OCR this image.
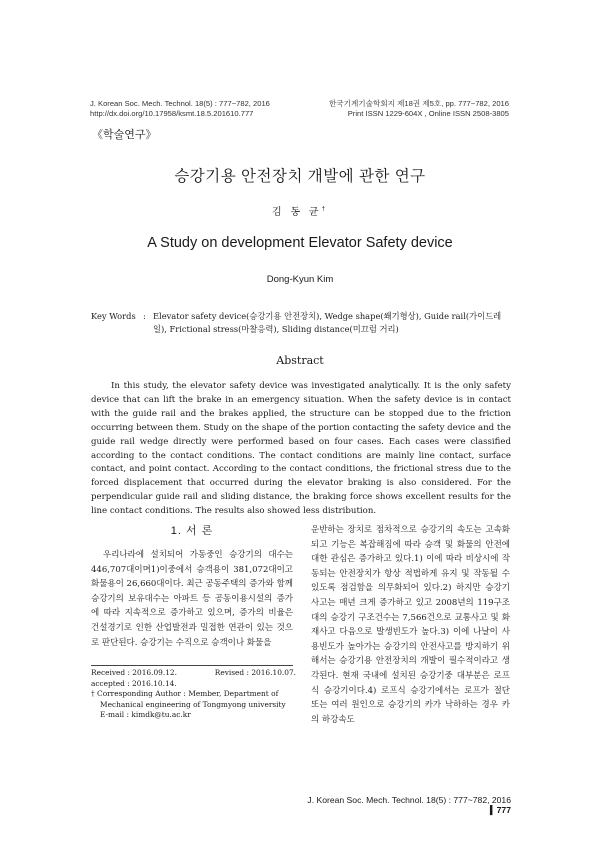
J. Korean Soc. Mech. Technol. 18(5) : 777~782, 2016
http://dx.doi.org/10.17958/ksmt.18.5.201610.777
한국기계기술학회지 제18권 제5호, pp. 777~782, 2016
Print ISSN 1229-604X , Online ISSN 2508-3805
《학술연구》
승강기용 안전장치 개발에 관한 연구
김 동 균†
A Study on development Elevator Safety device
Dong-Kyun Kim
Key Words : Elevator safety device(승강기용 안전장치), Wedge shape(쐐기형상), Guide rail(가이드레일), Frictional stress(마찰응력), Sliding distance(미끄럼 거리)
Abstract

In this study, the elevator safety device was investigated analytically. It is the only safety device that can lift the brake in an emergency situation. When the safety device is in contact with the guide rail and the brakes applied, the structure can be stopped due to the friction occurring between them. Study on the shape of the portion contacting the safety device and the guide rail wedge directly were performed based on four cases. Each cases were classified according to the contact conditions. The contact conditions are mainly line contact, surface contact, and point contact. According to the contact conditions, the frictional stress due to the forced displacement that occurred during the elevator braking is also considered. For the perpendicular guide rail and sliding distance, the braking force shows excellent results for the line contact conditions. The results also showed less distribution.

1. 서 론

우리나라에 설치되어 가동중인 승강기의 대수는 446,707대이며1)이중에서 승객용이 381,072대이고 화물용이 26,660대이다. 최근 공동주택의 증가와 함께 승강기의 보유대수는 아파트 등 공동이용시설의 증가에 따라 지속적으로 증가하고 있으며, 증가의 비율은 건설경기로 인한 산업발전과 밀접한 연관이 있는 것으로 판단된다. 승강기는 수직으로 승객이나 화물을

운반하는 장치로 점차적으로 승강기의 속도는 고속화되고 기능은 복잡해짐에 따라 승객 및 화물의 안전에 대한 관심은 증가하고 있다.1) 이에 따라 비상시에 작동되는 안전장치가 항상 적법하게 유지 및 작동될 수 있도록 점검함을 의무화되어 있다.2) 하지만 승강기 사고는 매년 크게 증가하고 있고 2008년의 119구조대의 승강기 구조건수는 7,566건으로 교통사고 및 화재사고 다음으로 발생빈도가 높다.3) 이에 나날이 사용빈도가 높아가는 승강기의 안전사고를 방지하기 위해서는 승강기용 안전장치의 개발이 필수적이라고 생각된다. 현재 국내에 설치된 승강기중 대부분은 로프식 승강기이다.4) 로프식 승강기에서는 로프가 절단 또는 여러 원인으로 승강기의 카가 낙하하는 경우 카의 하강속도

Received : 2016.09.12.	Revised : 2016.10.07.
accepted : 2016.10.14.
† Corresponding Author : Member, Department of
Mechanical engineering of Tongmyong university
E-mail : kimdk@tu.ac.kr
J. Korean Soc. Mech. Technol. 18(5) : 777~782, 2016  ▍777
